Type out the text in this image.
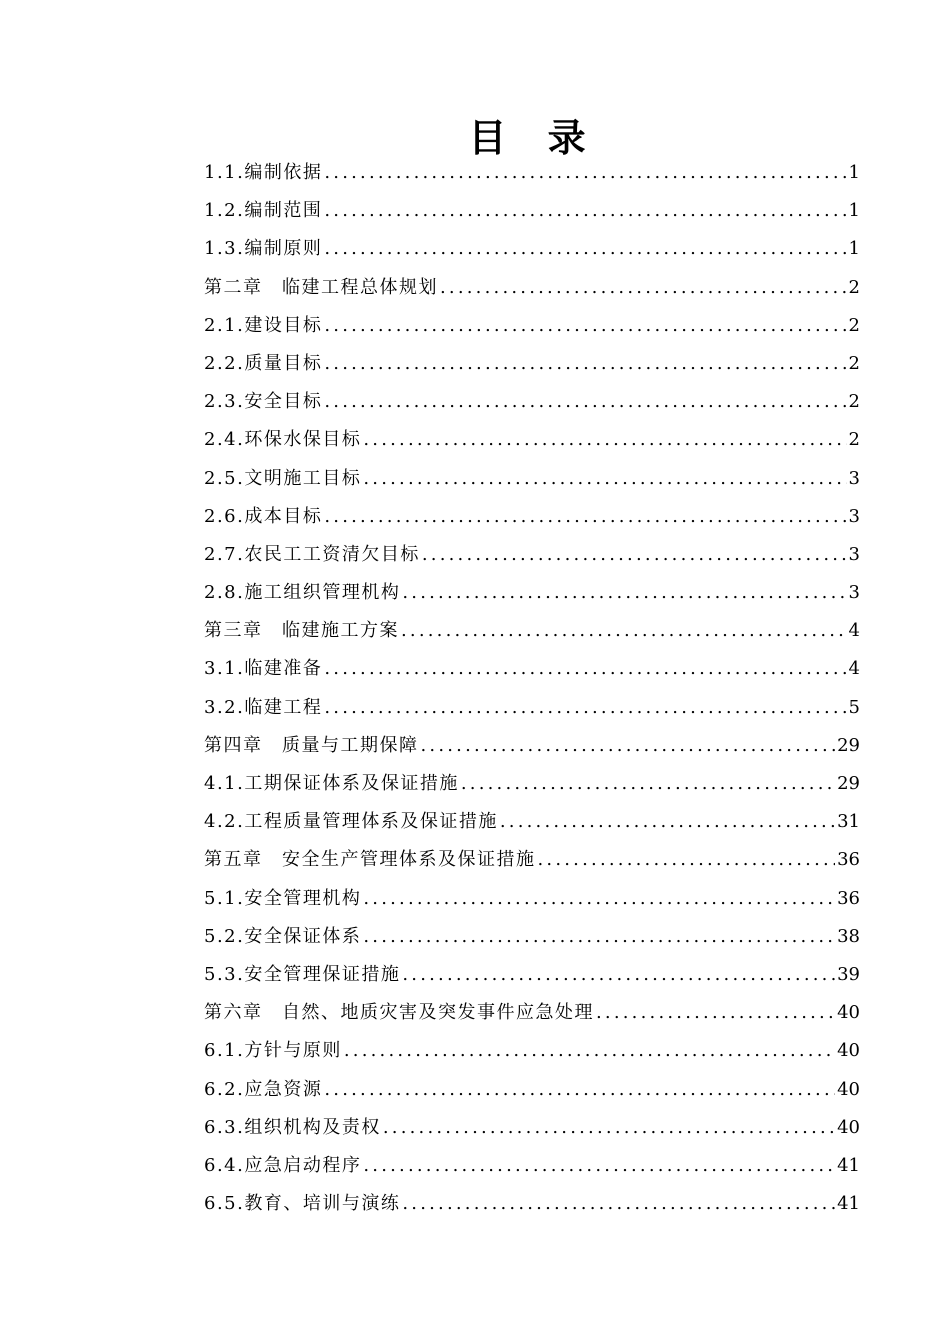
目 录
1.1.编制依据 .....	1
1.2.编制范围 .....	1
1.3.编制原则 .....	1
第二章　临建工程总体规划 .....	2
2.1.建设目标 .....	2
2.2.质量目标 .....	2
2.3.安全目标 .....	2
2.4.环保水保目标 .....	2
2.5.文明施工目标 .....	3
2.6.成本目标 .....	3
2.7.农民工工资清欠目标 .....	3
2.8.施工组织管理机构 .....	3
第三章　临建施工方案 .....	4
3.1.临建准备 .....	4
3.2.临建工程 .....	5
第四章　质量与工期保障 .....	29
4.1.工期保证体系及保证措施 .....	29
4.2.工程质量管理体系及保证措施 .....	31
第五章　安全生产管理体系及保证措施 .....	36
5.1.安全管理机构 .....	36
5.2.安全保证体系 .....	38
5.3.安全管理保证措施 .....	39
第六章　自然、地质灾害及突发事件应急处理 .....	40
6.1.方针与原则 .....	40
6.2.应急资源 .....	40
6.3.组织机构及责权 .....	40
6.4.应急启动程序 .....	41
6.5.教育、培训与演练 .....	41
